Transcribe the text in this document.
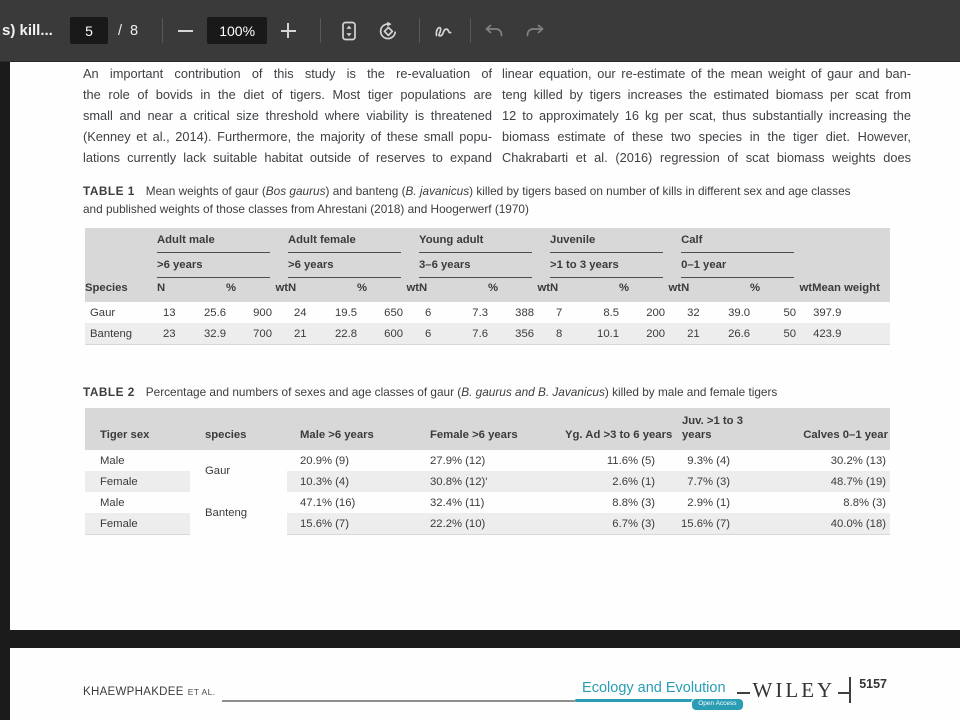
s) kill...
5	/ 8
100%
An important contribution of this study is the re-evaluation of
the role of bovids in the diet of tigers. Most tiger populations are
small and near a critical size threshold where viability is threatened
(Kenney et al., 2014). Furthermore, the majority of these small popu-
lations currently lack suitable habitat outside of reserves to expand
linear equation, our re-estimate of the mean weight of gaur and ban-
teng killed by tigers increases the estimated biomass per scat from
12 to approximately 16 kg per scat, thus substantially increasing the
biomass estimate of these two species in the tiger diet. However,
Chakrabarti et al. (2016) regression of scat biomass weights does
TABLE 1 Mean weights of gaur (Bos gaurus) and banteng (B. javanicus) killed by tigers based on number of kills in different sex and age classes and published weights of those classes from Ahrestani (2018) and Hoogerwerf (1970)

	Adult male			Adult female			Young adult			Juvenile			Calf			

	>6 years			>6 years			3–6 years			>1 to 3 years			0–1 year			

Species	N	%	wt	N	%	wt	N	%	wt	N	%	wt	N	%	wt	Mean weight
Gaur	13	25.6	900	24	19.5	650	6	7.3	388	7	8.5	200	32	39.0	50	397.9
Banteng	23	32.9	700	21	22.8	600	6	7.6	356	8	10.1	200	21	26.6	50	423.9
TABLE 2 Percentage and numbers of sexes and age classes of gaur (B. gaurus and B. Javanicus) killed by male and female tigers
Tiger sex	species	Male >6 years	Female >6 years	Yg. Ad >3 to 6 years	Juv. >1 to 3 years	Calves 0–1 year
Male	Gaur	20.9% (9)	27.9% (12)	11.6% (5)	9.3% (4)	30.2% (13)
Female		10.3% (4)	30.8% (12)'	2.6% (1)	7.7% (3)	48.7% (19)
Male	Banteng	47.1% (16)	32.4% (11)	8.8% (3)	2.9% (1)	8.8% (3)
Female		15.6% (7)	22.2% (10)	6.7% (3)	15.6% (7)	40.0% (18)
KHAEWPHAKDEE ET AL.	Ecology and Evolution
Open Access
WILEY 5157
